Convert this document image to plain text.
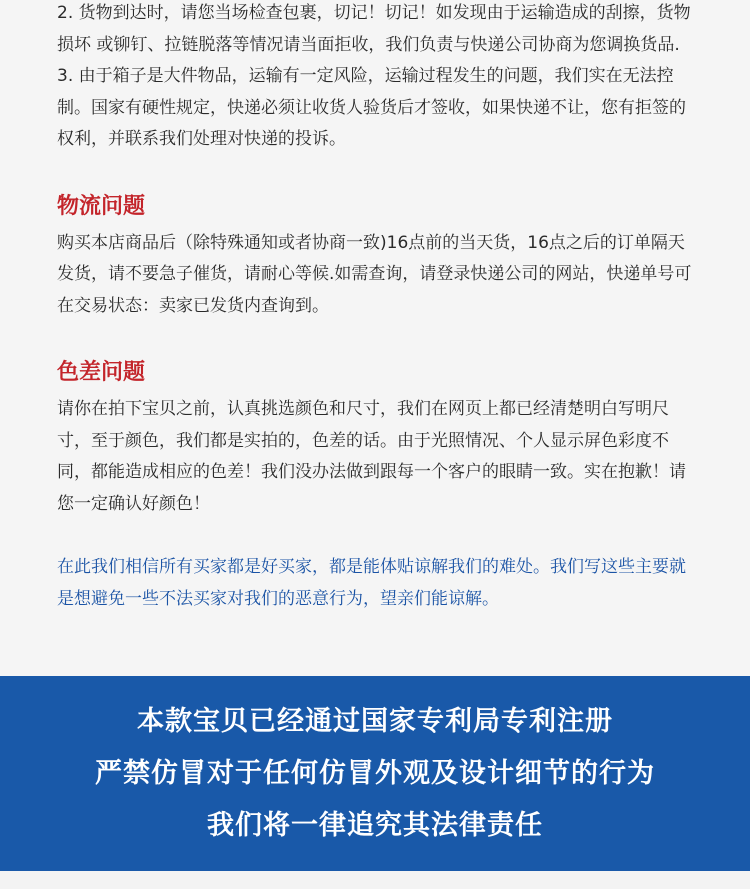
2. 货物到达时，请您当场检查包裹，切记！切记！如发现由于运输造成的刮擦，货物损坏 或铆钉、拉链脱落等情况请当面拒收，我们负责与快递公司协商为您调换货品.

3. 由于箱子是大件物品，运输有一定风险，运输过程发生的问题，我们实在无法控制。国家有硬性规定，快递必须让收货人验货后才签收，如果快递不让，您有拒签的权利，并联系我们处理对快递的投诉。

物流问题

购买本店商品后（除特殊通知或者协商一致)16点前的当天货，16点之后的订单隔天发货，请不要急子催货，请耐心等候.如需查询，请登录快递公司的网站，快递单号可在交易状态：卖家已发货内查询到。

色差问题

请你在拍下宝贝之前，认真挑选颜色和尺寸，我们在网页上都已经清楚明白写明尺寸，至于颜色，我们都是实拍的，色差的话。由于光照情况、个人显示屏色彩度不同，都能造成相应的色差！我们没办法做到跟每一个客户的眼睛一致。实在抱歉！请您一定确认好颜色！

在此我们相信所有买家都是好买家，都是能体贴谅解我们的难处。我们写这些主要就是想避免一些不法买家对我们的恶意行为，望亲们能谅解。

本款宝贝已经通过国家专利局专利注册
严禁仿冒对于任何仿冒外观及设计细节的行为
我们将一律追究其法律责任
